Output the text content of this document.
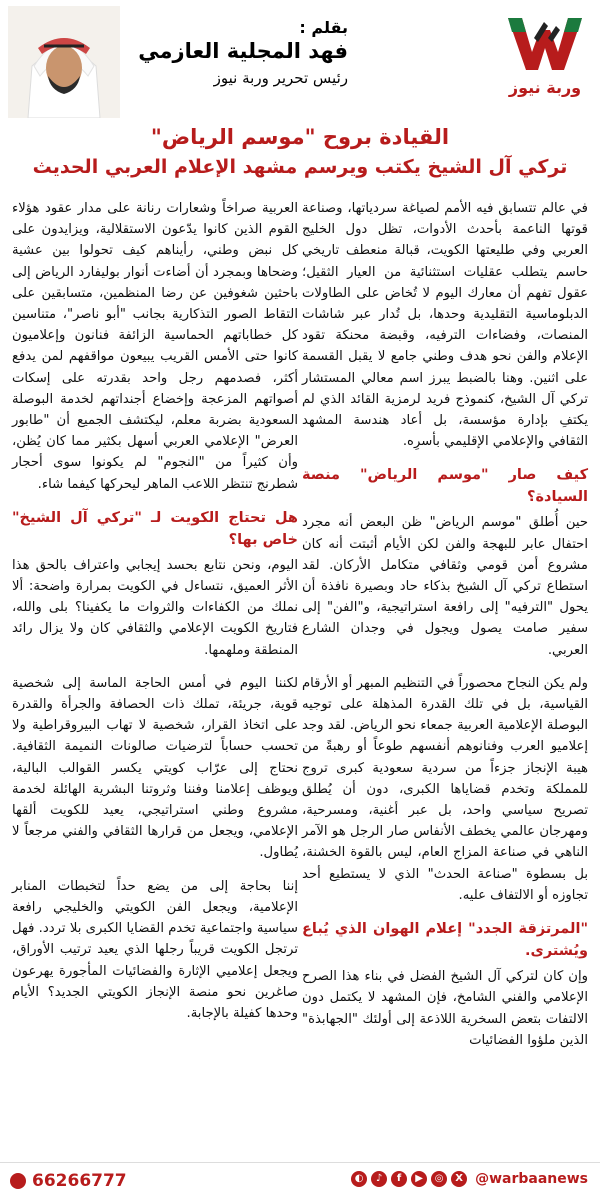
وربة نيوز
بقلم :
فهد المجلية العازمي
رئيس تحرير وربة نيوز
القيادة بروح "موسم الرياض"
تركي آل الشيخ يكتب ويرسم مشهد الإعلام العربي الحديث

في عالم تتسابق فيه الأمم لصياغة سردياتها، وصناعة قوتها الناعمة بأحدث الأدوات، تظل دول الخليج العربي وفي طليعتها الكويت، قبالة منعطف تاريخي حاسم يتطلب عقليات استثنائية من العيار الثقيل؛ عقول تفهم أن معارك اليوم لا تُخاض على الطاولات الدبلوماسية التقليدية وحدها، بل تُدار عبر شاشات المنصات، وفضاءات الترفيه، وقبضة محنكة تقود الإعلام والفن نحو هدف وطني جامع لا يقبل القسمة على اثنين. وهنا بالضبط يبرز اسم معالي المستشار تركي آل الشيخ، كنموذج فريد لرمزية القائد الذي لم يكتفِ بإدارة مؤسسة، بل أعاد هندسة المشهد الثقافي والإعلامي الإقليمي بأسرِه.

كيف صار "موسم الرياض" منصة السيادة؟

حين أُطلق "موسم الرياض" ظن البعض أنه مجرد احتفال عابر للبهجة والفن لكن الأيام أثبتت أنه كان مشروع أمن قومي وثقافي متكامل الأركان. لقد استطاع تركي آل الشيخ بذكاء حاد وبصيرة نافذة أن يحول "الترفيه" إلى رافعة استراتيجية، و"الفن" إلى سفير صامت يصول ويجول في وجدان الشارع العربي.

ولم يكن النجاح محصوراً في التنظيم المبهر أو الأرقام القياسية، بل في تلك القدرة المذهلة على توجيه البوصلة الإعلامية العربية جمعاء نحو الرياض. لقد وجد إعلاميو العرب وفنانوهم أنفسهم طوعاً أو رهبةً من هيبة الإنجاز جزءاً من سردية سعودية كبرى تروج للمملكة وتخدم قضاياها الكبرى، دون أن يُطلق تصريح سياسي واحد، بل عبر أغنية، ومسرحية، ومهرجان عالمي يخطف الأنفاس صار الرجل هو الآمر الناهي في صناعة المزاج العام، ليس بالقوة الخشنة، بل بسطوة "صناعة الحدث" الذي لا يستطيع أحد تجاوزه أو الالتفاف عليه.

"المرتزقة الجدد" إعلام الهوان الذي يُباع ويُشترى.

وإن كان لتركي آل الشيخ الفضل في بناء هذا الصرح الإعلامي والفني الشامخ، فإن المشهد لا يكتمل دون الالتفات بتعض السخرية اللاذعة إلى أولئك "الجهابذة" الذين ملؤوا الفضائيات

العربية صراخاً وشعارات رنانة على مدار عقود هؤلاء القوم الذين كانوا يدّعون الاستقلالية، ويزايدون على كل نبض وطني، رأيناهم كيف تحولوا بين عشية وضحاها وبمجرد أن أضاءت أنوار بوليفارد الرياض إلى باحثين شغوفين عن رضا المنظمين، متسابقين على التقاط الصور التذكارية بجانب "أبو ناصر"، متناسين كل خطاباتهم الحماسية الزائفة فنانون وإعلاميون كانوا حتى الأمس القريب يبيعون مواقفهم لمن يدفع أكثر، فصدمهم رجل واحد بقدرته على إسكات أصواتهم المزعجة وإخضاع أجنداتهم لخدمة البوصلة السعودية بضربة معلم، ليكتشف الجميع أن "طابور العرض" الإعلامي العربي أسهل بكثير مما كان يُظن، وأن كثيراً من "النجوم" لم يكونوا سوى أحجار شطرنج تنتظر اللاعب الماهر ليحركها كيفما شاء.

هل تحتاج الكويت لـ "تركي آل الشيخ" خاص بها؟

اليوم، ونحن نتابع بحسد إيجابي واعتراف بالحق هذا الأثر العميق، نتساءل في الكويت بمرارة واضحة: ألا نملك من الكفاءات والثروات ما يكفينا؟ بلى والله، فتاريخ الكويت الإعلامي والثقافي كان ولا يزال رائد المنطقة وملهمها.

لكننا اليوم في أمس الحاجة الماسة إلى شخصية قوية، جريئة، تملك ذات الحصافة والجرأة والقدرة على اتخاذ القرار، شخصية لا تهاب البيروقراطية ولا تحسب حساباً لترضيات صالونات النميمة الثقافية. نحتاج إلى عرّاب كويتي يكسر القوالب البالية، ويوظف إعلامنا وفننا وثروتنا البشرية الهائلة لخدمة مشروع وطني استراتيجي، يعيد للكويت ألقها الإعلامي، ويجعل من قرارها الثقافي والفني مرجعاً لا يُطاول.

إننا بحاجة إلى من يضع حداً لتخبطات المنابر الإعلامية، ويجعل الفن الكويتي والخليجي رافعة سياسية واجتماعية تخدم القضايا الكبرى بلا تردد. فهل ترتجل الكويت قريباً رجلها الذي يعيد ترتيب الأوراق، ويجعل إعلاميي الإثارة والفضائيات المأجورة يهرعون صاغرين نحو منصة الإنجاز الكويتي الجديد؟ الأيام وحدها كفيلة بالإجابة.

66266777	◐	♪	f	▶	◎	X @warbaanews
